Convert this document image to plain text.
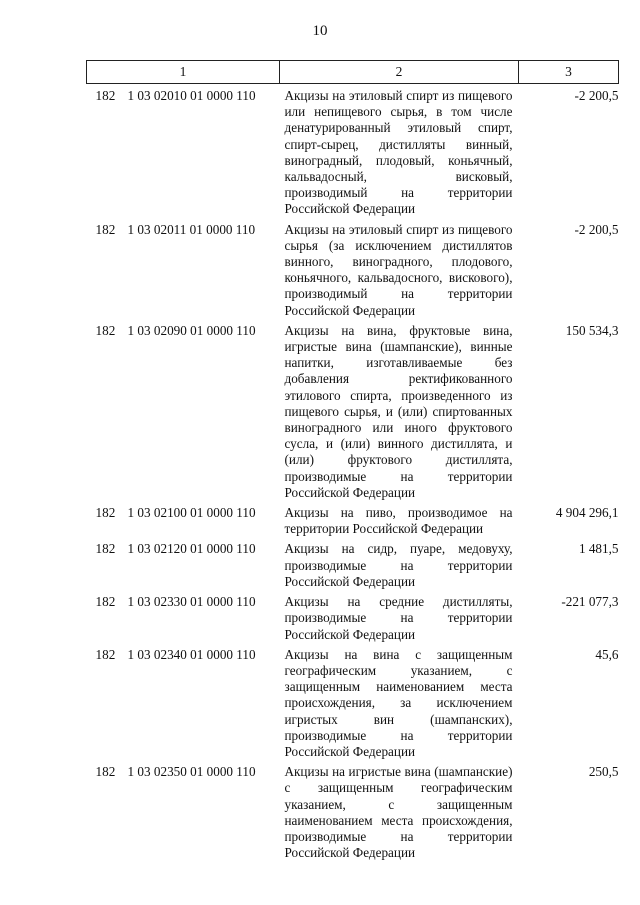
10
1	2	3

182 1 03 02010 01 0000 110	Акцизы на этиловый спирт из пищевого или непищевого сырья, в том числе денатурированный этиловый спирт, спирт-сырец, дистилляты винный, виноградный, плодовый, коньячный, кальвадосный, висковый, производимый на территории Российской Федерации	-2 200,5

182 1 03 02011 01 0000 110	Акцизы на этиловый спирт из пищевого сырья (за исключением дистиллятов винного, виноградного, плодового, коньячного, кальвадосного, вискового), производимый на территории Российской Федерации	-2 200,5

182 1 03 02090 01 0000 110	Акцизы на вина, фруктовые вина, игристые вина (шампанские), винные напитки, изготавливаемые без добавления ректификованного этилового спирта, произведенного из пищевого сырья, и (или) спиртованных виноградного или иного фруктового сусла, и (или) винного дистиллята, и (или) фруктового дистиллята, производимые на территории Российской Федерации	150 534,3

182 1 03 02100 01 0000 110	Акцизы на пиво, производимое на территории Российской Федерации	4 904 296,1

182 1 03 02120 01 0000 110	Акцизы на сидр, пуаре, медовуху, производимые на территории Российской Федерации	1 481,5

182 1 03 02330 01 0000 110	Акцизы на средние дистилляты, производимые на территории Российской Федерации	-221 077,3

182 1 03 02340 01 0000 110	Акцизы на вина с защищенным географическим указанием, с защищенным наименованием места происхождения, за исключением игристых вин (шампанских), производимые на территории Российской Федерации	45,6

182 1 03 02350 01 0000 110	Акцизы на игристые вина (шампанские) с защищенным географическим указанием, с защищенным наименованием места происхождения, производимые на территории Российской Федерации	250,5
